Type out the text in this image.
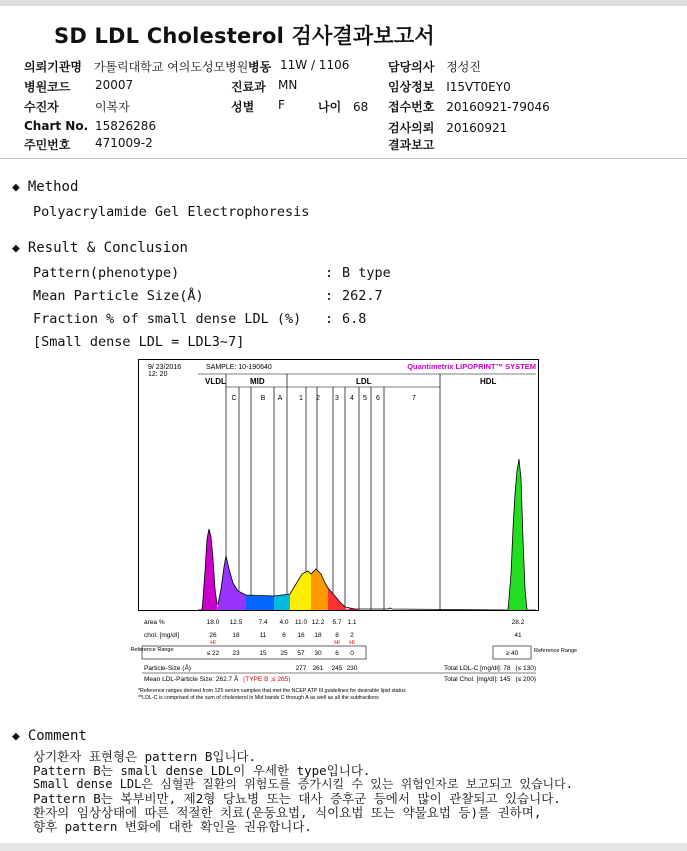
SD LDL Cholesterol 검사결과보고서
의뢰기관명 가톨릭대학교 여의도성모병원 병동 11W / 1106	담당의사 정성진
병원코드 20007	진료과 MN	임상정보 I15VT0EY0
수진자	이복자	성별 F	나이 68 접수번호 20160921-79046
Chart No. 15826286	검사의뢰 20160921
주민번호 471009-2	결과보고
◆ Method
Polyacrylamide Gel Electrophoresis
◆ Result & Conclusion
Pattern(phenotype)	: B type
Mean Particle Size(Å)	: 262.7
Fraction % of small dense LDL (%) : 6.8
[Small dense LDL = LDL3~7]
9/ 23/2016
12: 20
SAMPLE: 10-190640	Quantimetrix LIPOPRINT™ SYSTEM
VLDL	MID	LDL	HDL
C	B A 1 2 3 4 5 6	7
area %	18.0 12.5 7.4 4.0 11.0 12.2 5.7 1.1	28.2
chol. [mg/dl]	26 18	11 6 16 18 8 2	41
HI	HI HI
Reference Range	≤ 22 23	15 25 57 30 6 0	≥ 40	Reference Range
Particle-Size (Å)	277 261 245 230	Total LDL-C [mg/dl]: 78 (≤ 130)
Mean LDL-Particle Size: 262.7 Å (TYPE B ;≤ 265)	Total Chol. [mg/dl]: 145 (≤ 200)
*Reference ranges derived from 125 serum samples that met the NCEP ATP III guidelines for desirable lipid status
**LDL-C is comprised of the sum of cholesterol in Mid bands C through A as well as all the subfractions
◆ Comment
상기환자 표현형은 pattern B입니다.
Pattern B는 small dense LDL이 우세한 type입니다.
Small dense LDL은 심혈관 질환의 위험도를 증가시킬 수 있는 위험인자로 보고되고 있습니다.
Pattern B는 복부비만, 제2형 당뇨병 또는 대사 증후군 등에서 많이 관찰되고 있습니다.
환자의 임상상태에 따른 적절한 치료(운동요법, 식이요법 또는 약물요법 등)를 권하며,
향후 pattern 변화에 대한 확인을 권유합니다.
